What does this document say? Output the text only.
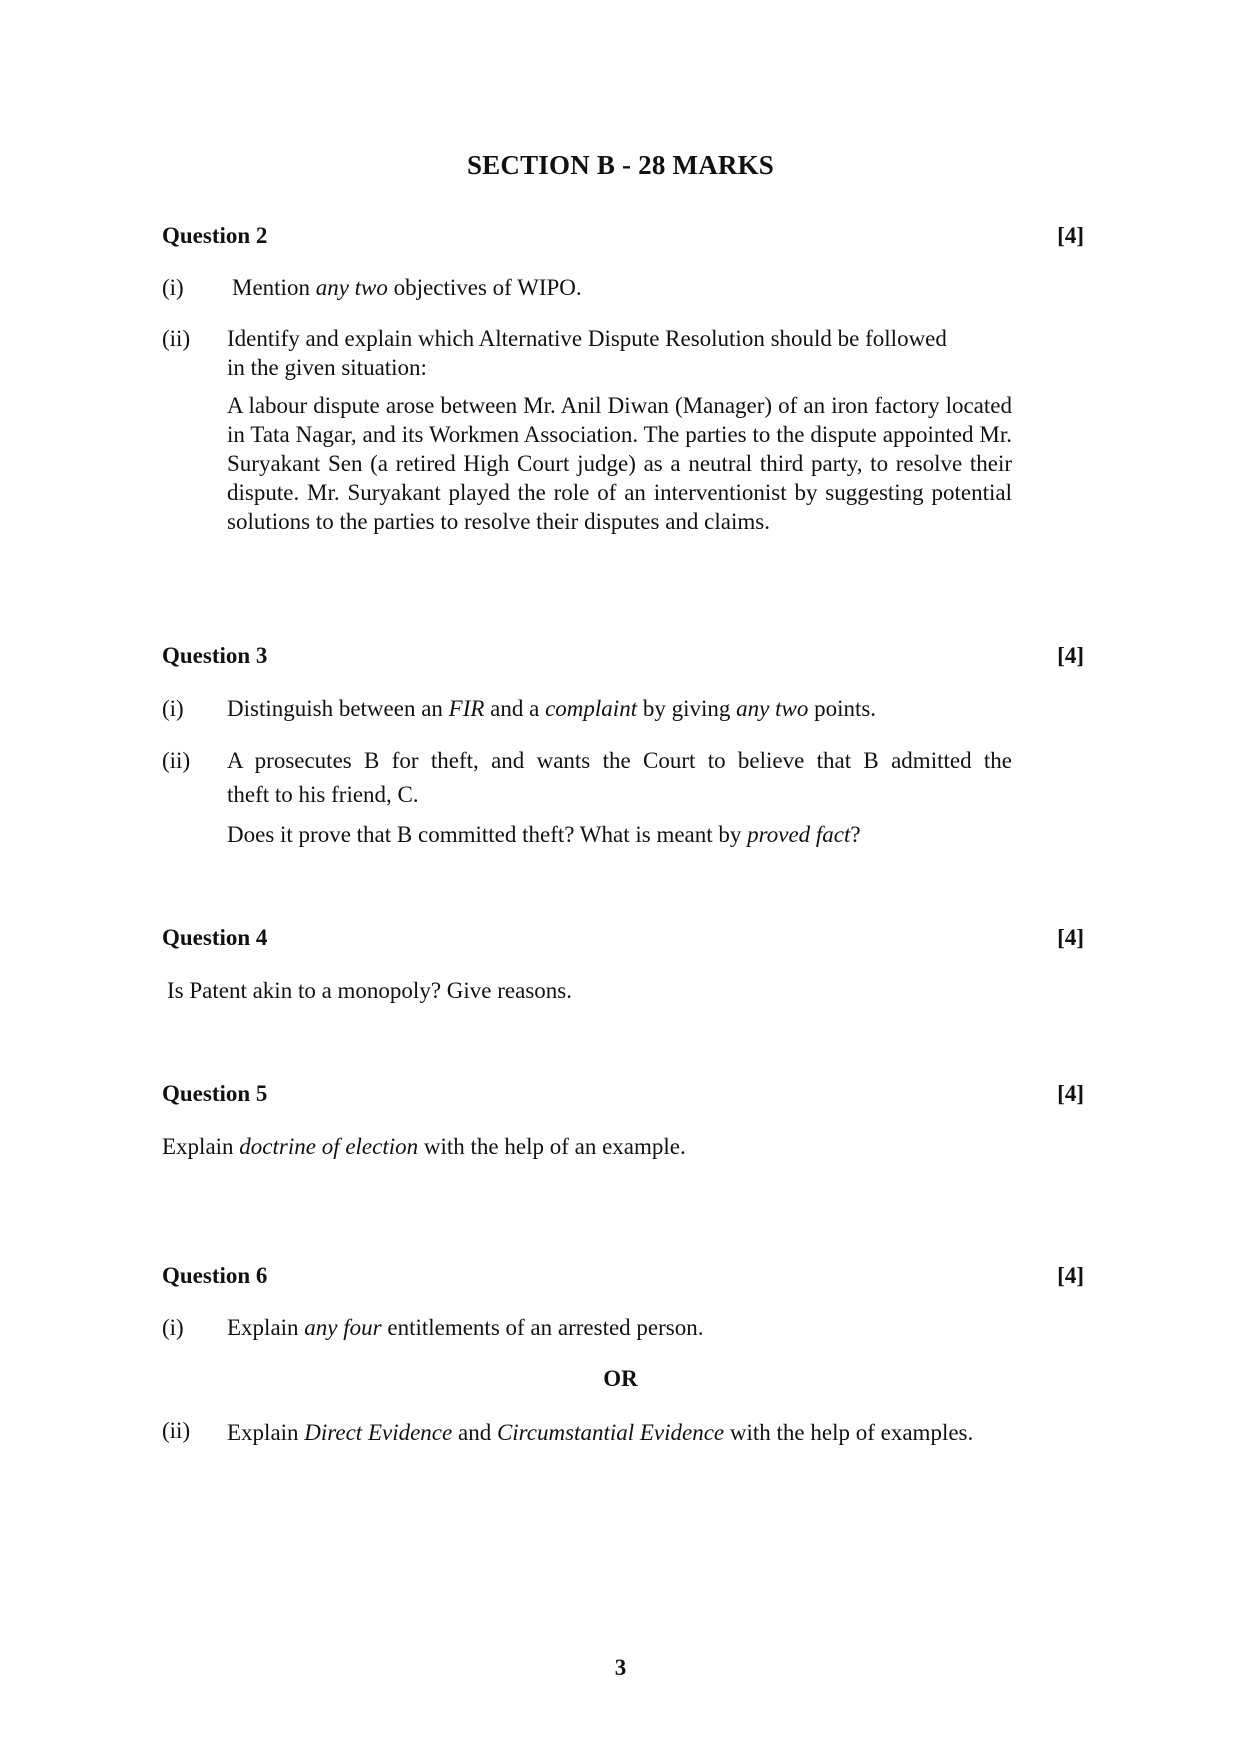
SECTION B - 28 MARKS
Question 2	[4]
(i) Mention any two objectives of WIPO.
(ii) Identify and explain which Alternative Dispute Resolution should be followed
in the given situation:
A labour dispute arose between Mr. Anil Diwan (Manager) of an iron factory located in Tata Nagar, and its Workmen Association. The parties to the dispute appointed Mr. Suryakant Sen (a retired High Court judge) as a neutral third party, to resolve their dispute. Mr. Suryakant played the role of an interventionist by suggesting potential solutions to the parties to resolve their disputes and claims.
Question 3	[4]
(i) Distinguish between an FIR and a complaint by giving any two points.
(ii) A prosecutes B for theft, and wants the Court to believe that B admitted the
theft to his friend, C.
Does it prove that B committed theft? What is meant by proved fact?
Question 4	[4]
Is Patent akin to a monopoly? Give reasons.
Question 5	[4]
Explain doctrine of election with the help of an example.
Question 6	[4]
(i) Explain any four entitlements of an arrested person.
OR
(ii) Explain Direct Evidence and Circumstantial Evidence with the help of examples.
3
